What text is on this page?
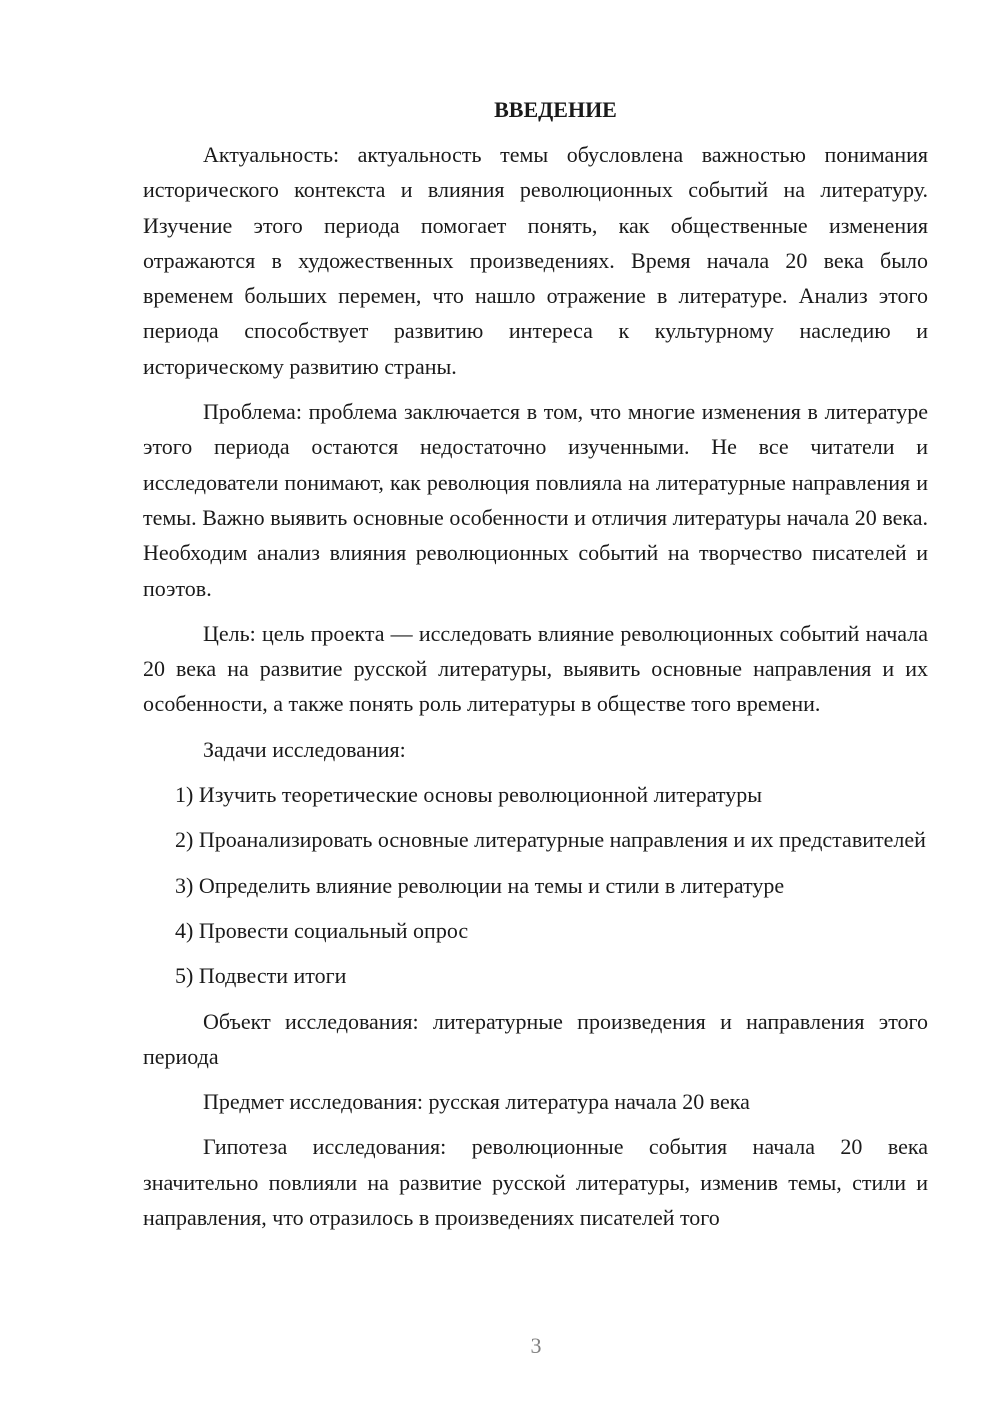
ВВЕДЕНИЕ

Актуальность: актуальность темы обусловлена важностью понимания исторического контекста и влияния революционных событий на литературу. Изучение этого периода помогает понять, как общественные изменения отражаются в художественных произведениях. Время начала 20 века было временем больших перемен, что нашло отражение в литературе. Анализ этого периода способствует развитию интереса к культурному наследию и историческому развитию страны.

Проблема: проблема заключается в том, что многие изменения в литературе этого периода остаются недостаточно изученными. Не все читатели и исследователи понимают, как революция повлияла на литературные направления и темы. Важно выявить основные особенности и отличия литературы начала 20 века. Необходим анализ влияния революционных событий на творчество писателей и поэтов.

Цель: цель проекта — исследовать влияние революционных событий начала 20 века на развитие русской литературы, выявить основные направления и их особенности, а также понять роль литературы в обществе того времени.

Задачи исследования:

1) Изучить теоретические основы революционной литературы

2) Проанализировать основные литературные направления и их представителей

3) Определить влияние революции на темы и стили в литературе

4) Провести социальный опрос

5) Подвести итоги

Объект исследования: литературные произведения и направления этого периода

Предмет исследования: русская литература начала 20 века

Гипотеза исследования: революционные события начала 20 века значительно повлияли на развитие русской литературы, изменив темы, стили и направления, что отразилось в произведениях писателей того

3
